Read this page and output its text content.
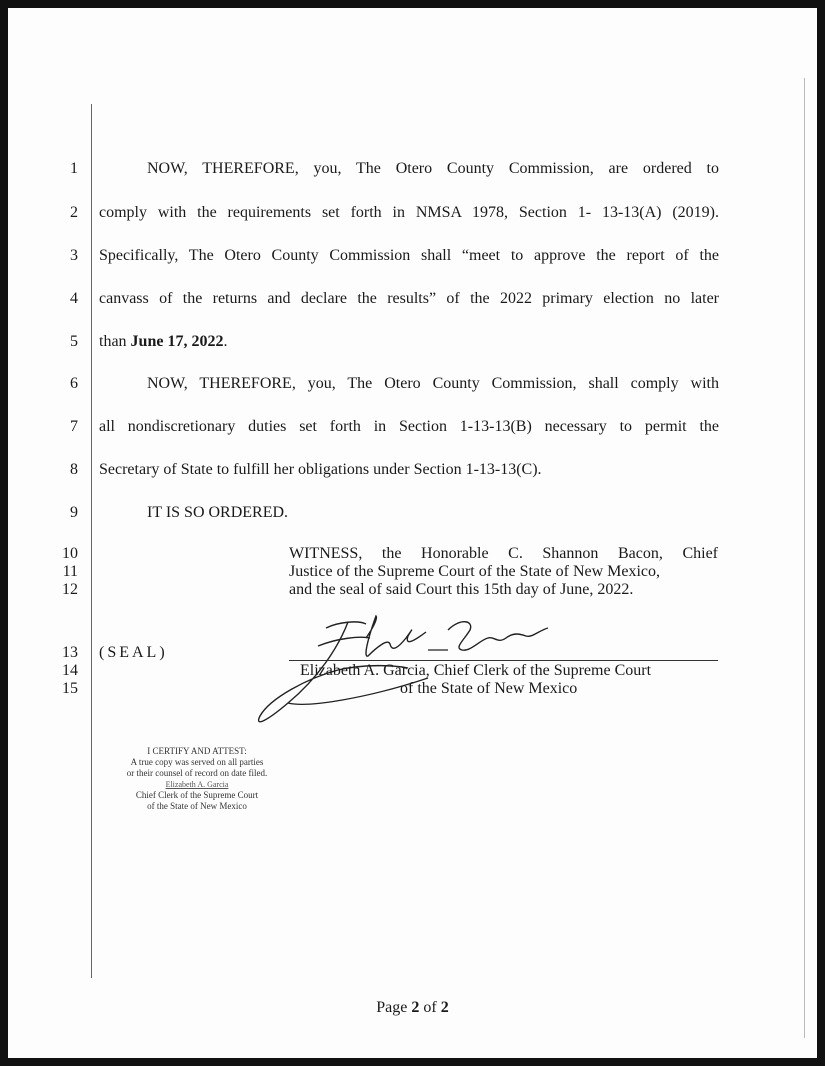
1
2
3
4
5
6
7
8
9
10
11
12
13
14
15
NOW, THEREFORE, you, The Otero County Commission, are ordered to
comply with the requirements set forth in NMSA 1978, Section 1- 13-13(A) (2019).
Specifically, The Otero County Commission shall “meet to approve the report of the
canvass of the returns and declare the results” of the 2022 primary election no later
than June 17, 2022.
NOW, THEREFORE, you, The Otero County Commission, shall comply with
all nondiscretionary duties set forth in Section 1-13-13(B) necessary to permit the
Secretary of State to fulfill her obligations under Section 1-13-13(C).
IT IS SO ORDERED.
WITNESS, the Honorable C. Shannon Bacon, Chief
Justice of the Supreme Court of the State of New Mexico,
and the seal of said Court this 15th day of June, 2022.
(SEAL)
Elizabeth A. Garcia, Chief Clerk of the Supreme Court
of the State of New Mexico
I CERTIFY AND ATTEST:
A true copy was served on all parties
or their counsel of record on date filed.
Elizabeth A. Garcia
Chief Clerk of the Supreme Court
of the State of New Mexico
Page 2 of 2
